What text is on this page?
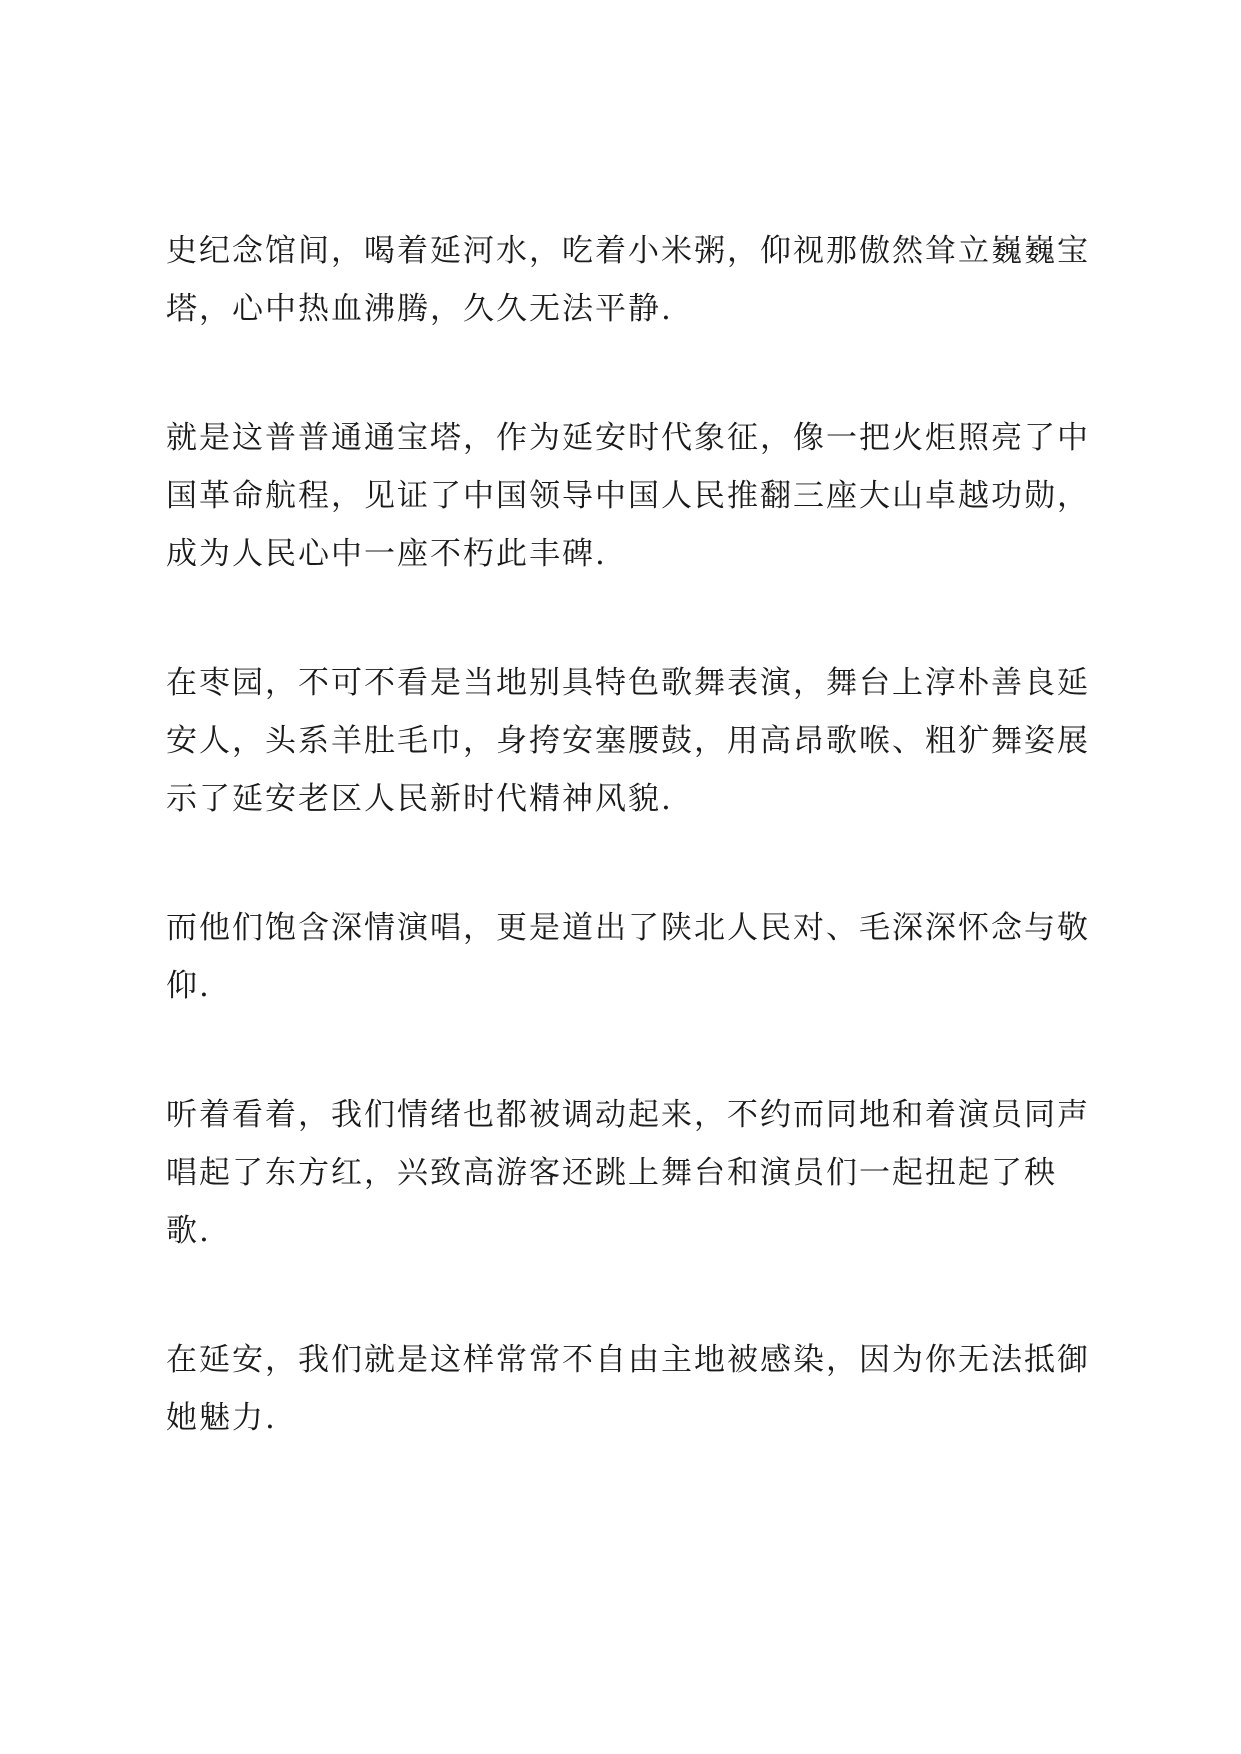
史纪念馆间，喝着延河水，吃着小米粥，仰视那傲然耸立巍巍宝
塔，心中热血沸腾，久久无法平静.
就是这普普通通宝塔，作为延安时代象征，像一把火炬照亮了中
国革命航程，见证了中国领导中国人民推翻三座大山卓越功勋，
成为人民心中一座不朽此丰碑.
在枣园，不可不看是当地别具特色歌舞表演，舞台上淳朴善良延
安人，头系羊肚毛巾，身挎安塞腰鼓，用高昂歌喉、粗犷舞姿展
示了延安老区人民新时代精神风貌.
而他们饱含深情演唱，更是道出了陕北人民对、毛深深怀念与敬
仰.
听着看着，我们情绪也都被调动起来，不约而同地和着演员同声
唱起了东方红，兴致高游客还跳上舞台和演员们一起扭起了秧
歌.
在延安，我们就是这样常常不自由主地被感染，因为你无法抵御
她魅力.
